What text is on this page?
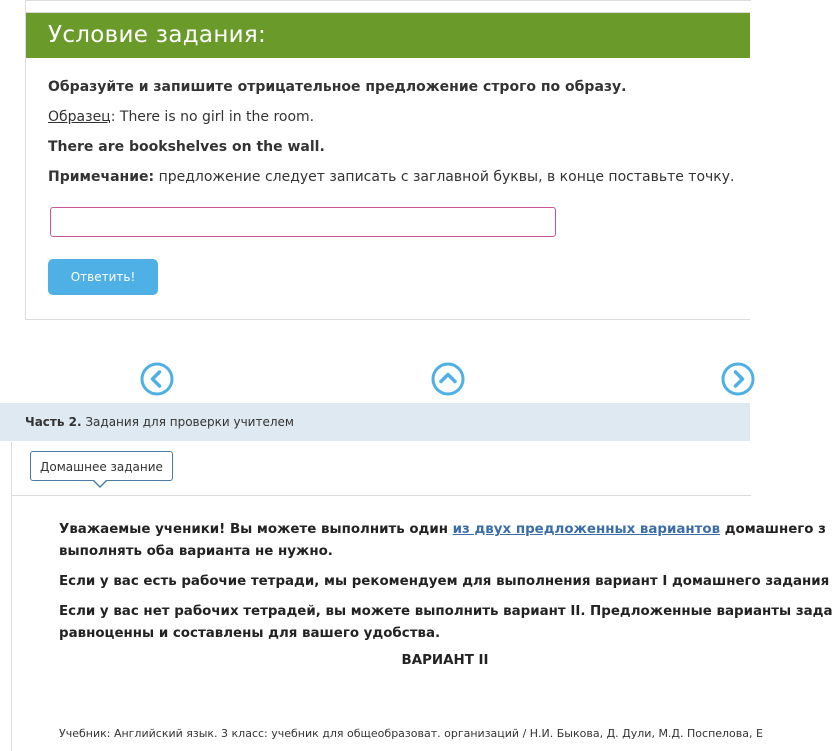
Условие задания:
Образуйте и запишите отрицательное предложение строго по образу.
Образец: There is no girl in the room.
There are bookshelves on the wall.
Примечание: предложение следует записать с заглавной буквы, в конце поставьте точку.
Ответить!
Часть 2. Задания для проверки учителем
Домашнее задание
Уважаемые ученики! Вы можете выполнить один из двух предложенных вариантов домашнего з
выполнять оба варианта не нужно.
Если у вас есть рабочие тетради, мы рекомендуем для выполнения вариант I домашнего задания
Если у вас нет рабочих тетрадей, вы можете выполнить вариант II. Предложенные варианты зада
равноценны и составлены для вашего удобства.
ВАРИАНТ II
Учебник: Английский язык. 3 класс: учебник для общеобразоват. организаций / Н.И. Быкова, Д. Дули, М.Д. Поспелова, Е
